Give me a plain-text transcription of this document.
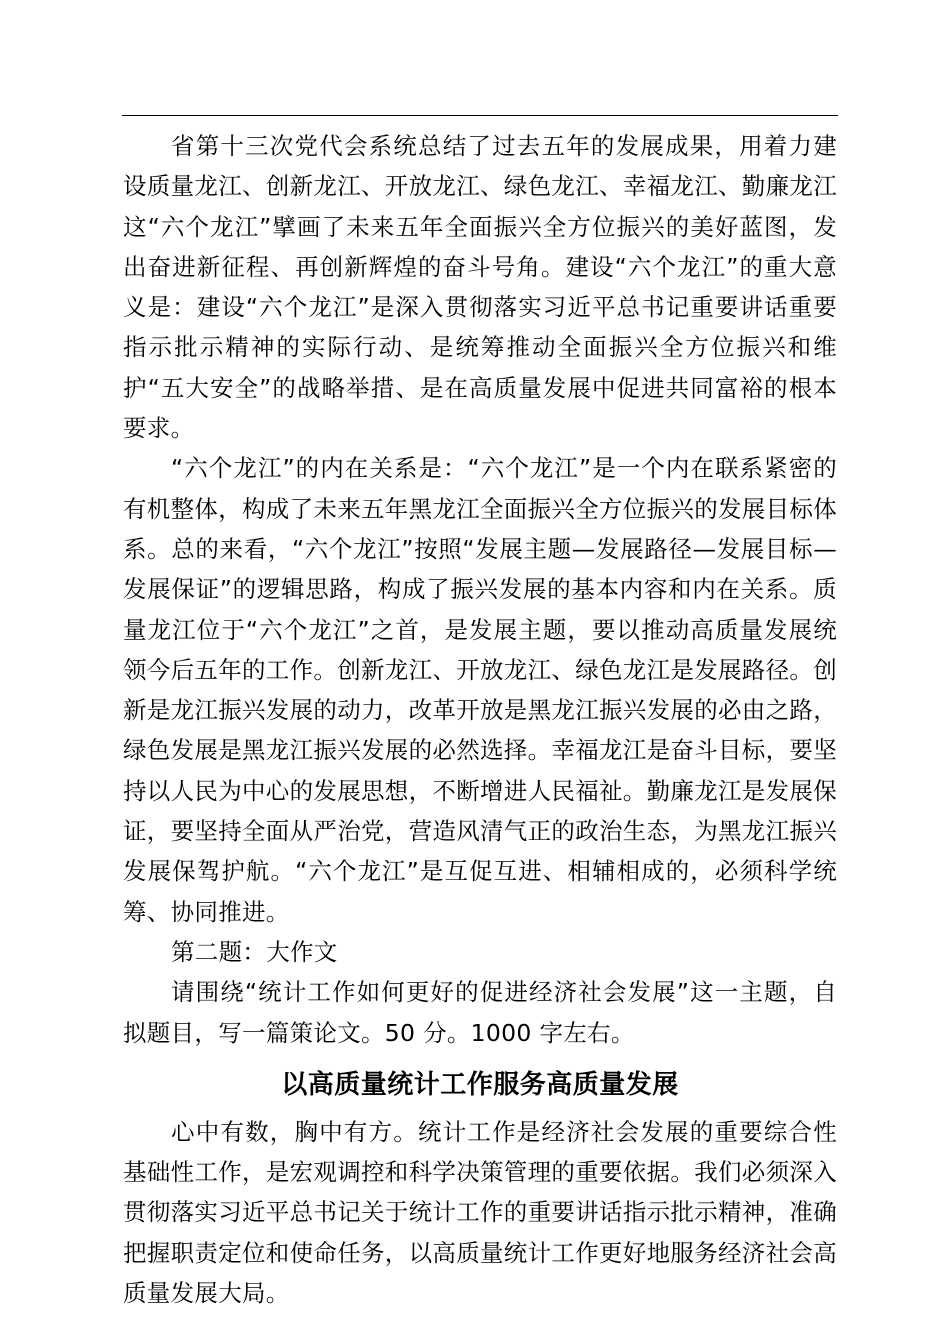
省第十三次党代会系统总结了过去五年的发展成果，用着力建设质量龙江、创新龙江、开放龙江、绿色龙江、幸福龙江、勤廉龙江这“六个龙江”擘画了未来五年全面振兴全方位振兴的美好蓝图，发出奋进新征程、再创新辉煌的奋斗号角。建设“六个龙江”的重大意义是：建设“六个龙江”是深入贯彻落实习近平总书记重要讲话重要指示批示精神的实际行动、是统筹推动全面振兴全方位振兴和维护“五大安全”的战略举措、是在高质量发展中促进共同富裕的根本要求。

“六个龙江”的内在关系是：“六个龙江”是一个内在联系紧密的有机整体，构成了未来五年黑龙江全面振兴全方位振兴的发展目标体系。总的来看，“六个龙江”按照“发展主题—发展路径—发展目标—发展保证”的逻辑思路，构成了振兴发展的基本内容和内在关系。质量龙江位于“六个龙江”之首，是发展主题，要以推动高质量发展统领今后五年的工作。创新龙江、开放龙江、绿色龙江是发展路径。创新是龙江振兴发展的动力，改革开放是黑龙江振兴发展的必由之路，绿色发展是黑龙江振兴发展的必然选择。幸福龙江是奋斗目标，要坚持以人民为中心的发展思想，不断增进人民福祉。勤廉龙江是发展保证，要坚持全面从严治党，营造风清气正的政治生态，为黑龙江振兴发展保驾护航。“六个龙江”是互促互进、相辅相成的，必须科学统筹、协同推进。

第二题：大作文

请围绕“统计工作如何更好的促进经济社会发展”这一主题，自拟题目，写一篇策论文。50 分。1000 字左右。

以高质量统计工作服务高质量发展

心中有数，胸中有方。统计工作是经济社会发展的重要综合性基础性工作，是宏观调控和科学决策管理的重要依据。我们必须深入贯彻落实习近平总书记关于统计工作的重要讲话指示批示精神，准确把握职责定位和使命任务，以高质量统计工作更好地服务经济社会高质量发展大局。
